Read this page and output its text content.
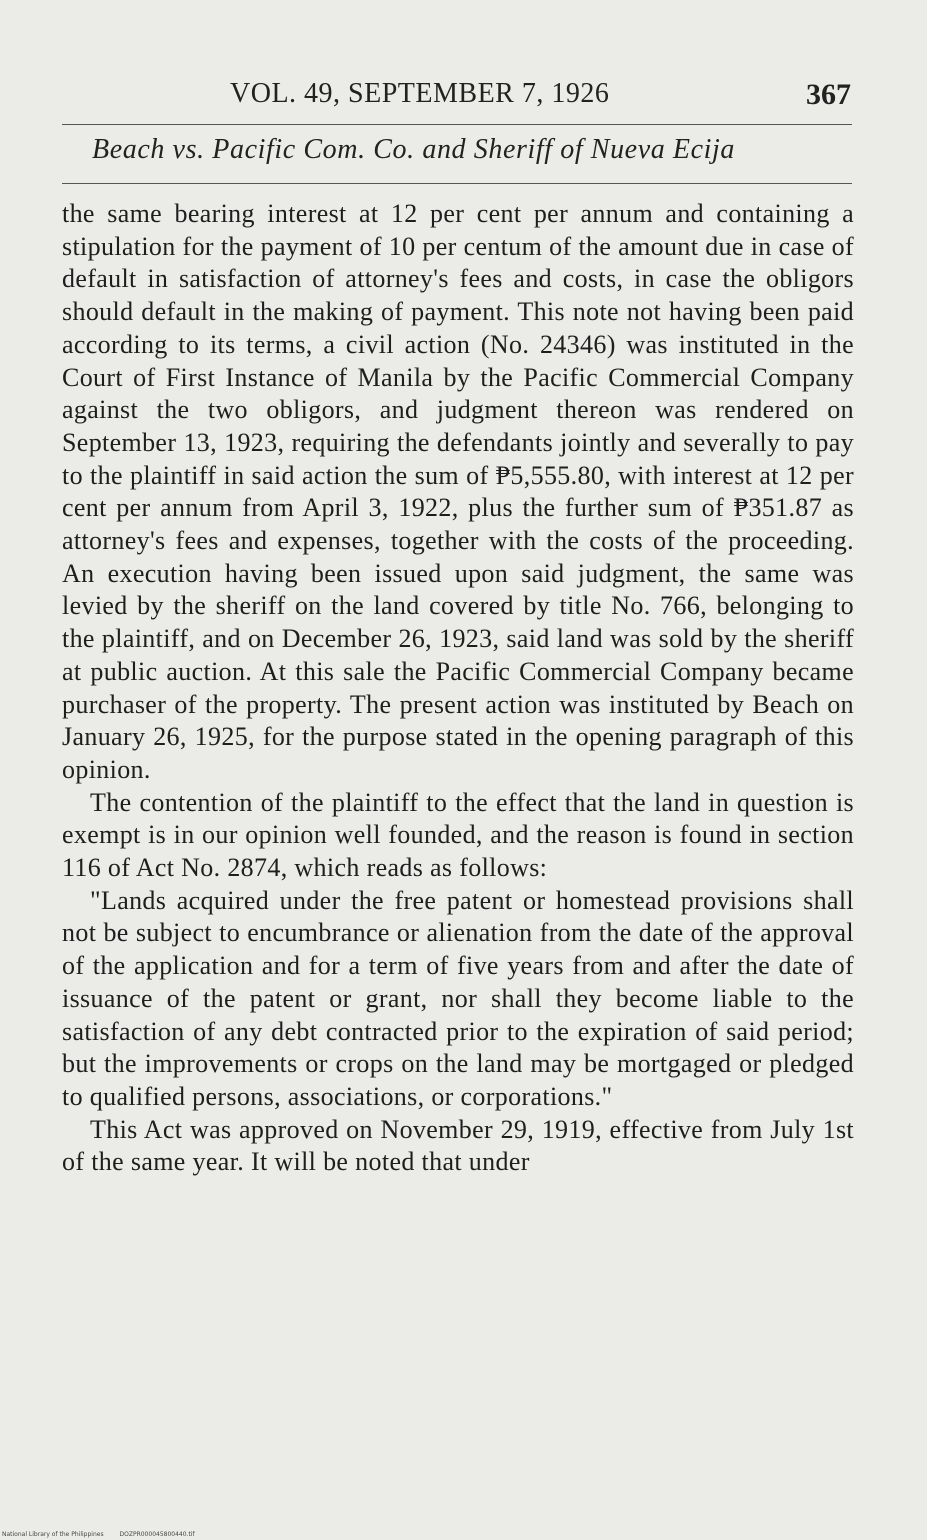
VOL. 49, SEPTEMBER 7, 1926	367
Beach vs. Pacific Com. Co. and Sheriff of Nueva Ecija

the same bearing interest at 12 per cent per annum and containing a stipulation for the payment of 10 per centum of the amount due in case of default in satisfaction of attorney's fees and costs, in case the obligors should default in the making of payment. This note not having been paid according to its terms, a civil action (No. 24346) was instituted in the Court of First Instance of Manila by the Pacific Commercial Company against the two obligors, and judgment thereon was rendered on September 13, 1923, requiring the defendants jointly and severally to pay to the plaintiff in said action the sum of ₱5,555.80, with interest at 12 per cent per annum from April 3, 1922, plus the further sum of ₱351.87 as attorney's fees and expenses, together with the costs of the proceeding. An execution having been issued upon said judgment, the same was levied by the sheriff on the land covered by title No. 766, belonging to the plaintiff, and on December 26, 1923, said land was sold by the sheriff at public auction. At this sale the Pacific Commercial Company became purchaser of the property. The present action was instituted by Beach on January 26, 1925, for the purpose stated in the opening paragraph of this opinion.

The contention of the plaintiff to the effect that the land in question is exempt is in our opinion well founded, and the reason is found in section 116 of Act No. 2874, which reads as follows:

"Lands acquired under the free patent or homestead provisions shall not be subject to encumbrance or alienation from the date of the approval of the application and for a term of five years from and after the date of issuance of the patent or grant, nor shall they become liable to the satisfaction of any debt contracted prior to the expiration of said period; but the improvements or crops on the land may be mortgaged or pledged to qualified persons, associations, or corporations."

This Act was approved on November 29, 1919, effective from July 1st of the same year. It will be noted that under

National Library of the Philippines	DOZPR000045800440.tif
